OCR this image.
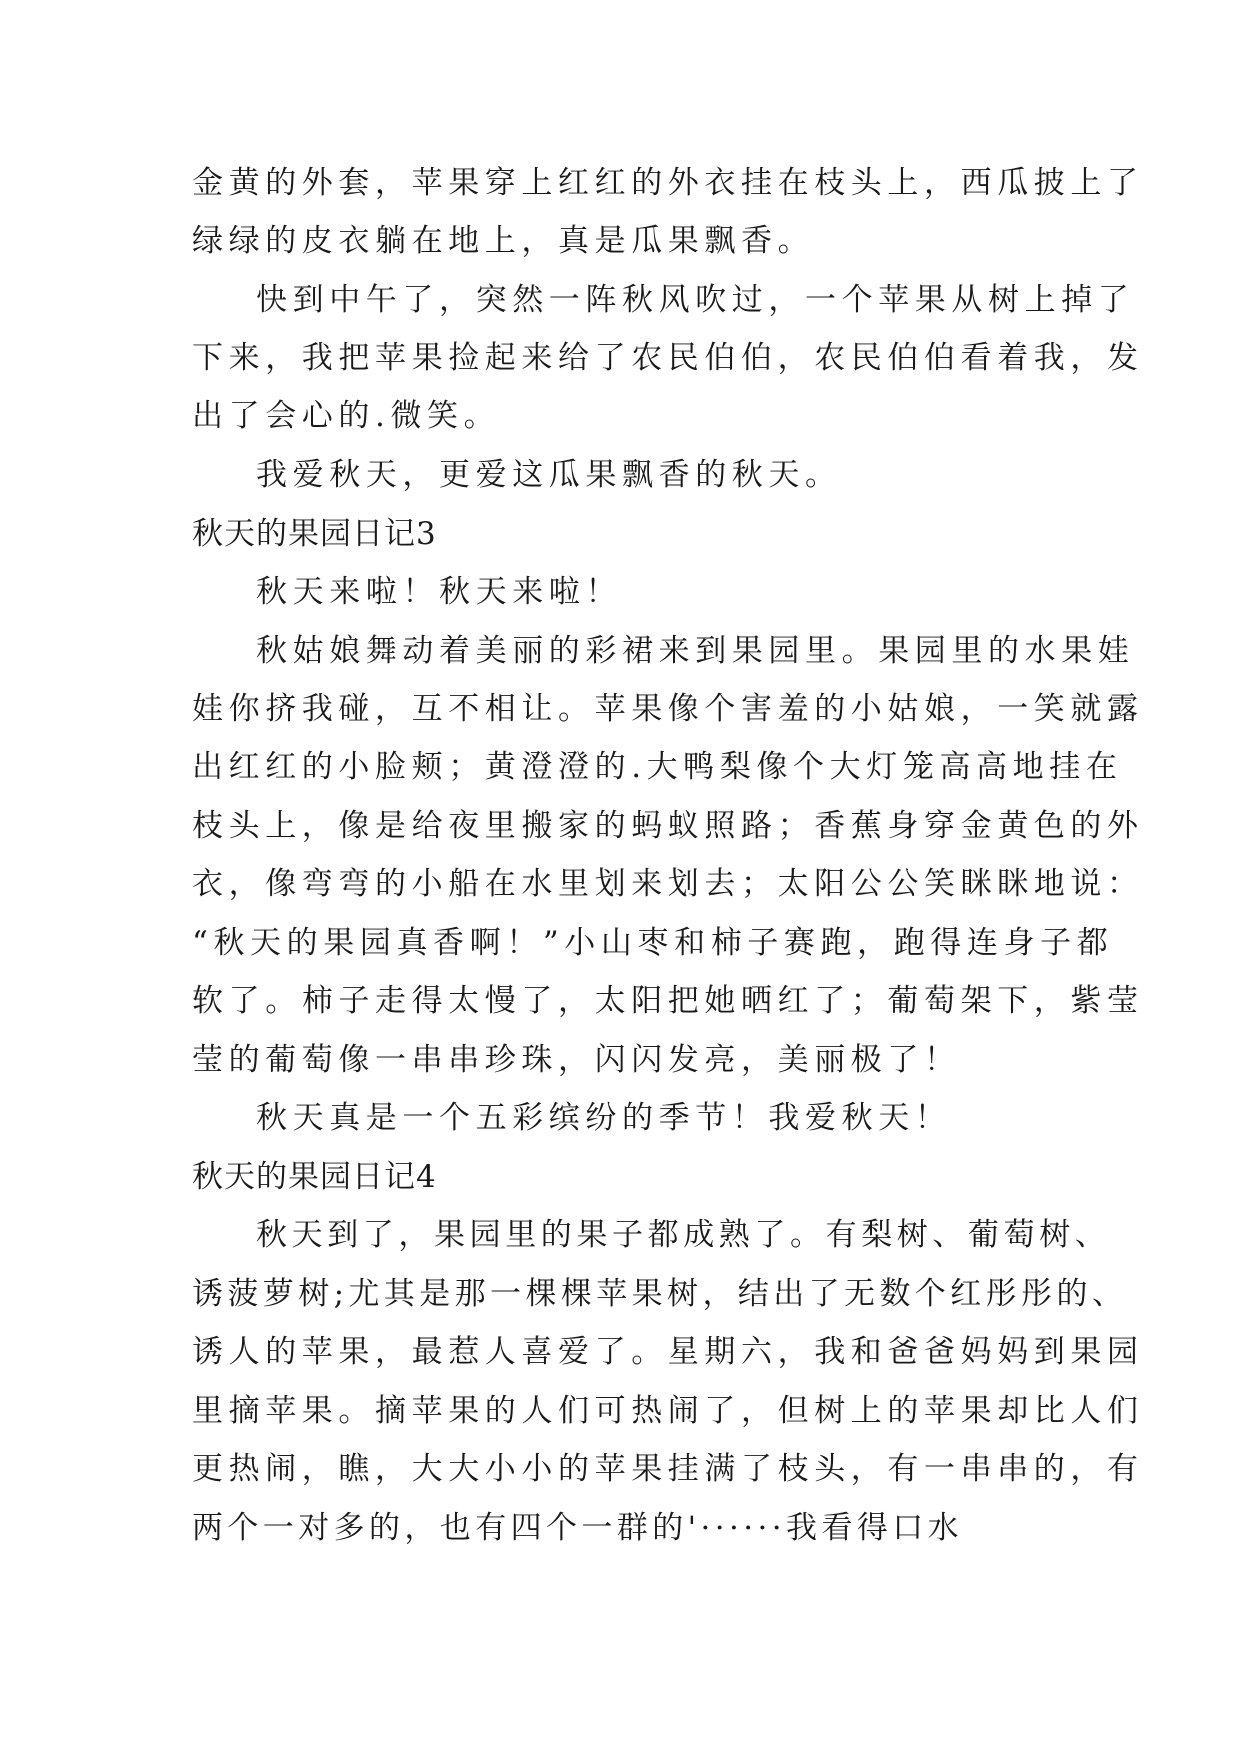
金黄的外套，苹果穿上红红的外衣挂在枝头上，西瓜披上了
绿绿的皮衣躺在地上，真是瓜果飘香。
快到中午了，突然一阵秋风吹过，一个苹果从树上掉了
下来，我把苹果捡起来给了农民伯伯，农民伯伯看着我，发
出了会心的.微笑。
我爱秋天，更爱这瓜果飘香的秋天。
秋天的果园日记3
秋天来啦！秋天来啦！
秋姑娘舞动着美丽的彩裙来到果园里。果园里的水果娃
娃你挤我碰，互不相让。苹果像个害羞的小姑娘，一笑就露
出红红的小脸颊；黄澄澄的.大鸭梨像个大灯笼高高地挂在
枝头上，像是给夜里搬家的蚂蚁照路；香蕉身穿金黄色的外
衣，像弯弯的小船在水里划来划去；太阳公公笑眯眯地说：
“秋天的果园真香啊！”小山枣和柿子赛跑，跑得连身子都
软了。柿子走得太慢了，太阳把她晒红了；葡萄架下，紫莹
莹的葡萄像一串串珍珠，闪闪发亮，美丽极了！
秋天真是一个五彩缤纷的季节！我爱秋天！
秋天的果园日记4
秋天到了，果园里的果子都成熟了。有梨树、葡萄树、
诱菠萝树;尤其是那一棵棵苹果树，结出了无数个红彤彤的、
诱人的苹果，最惹人喜爱了。星期六，我和爸爸妈妈到果园
里摘苹果。摘苹果的人们可热闹了，但树上的苹果却比人们
更热闹，瞧，大大小小的苹果挂满了枝头，有一串串的，有
两个一对多的，也有四个一群的'······我看得口水
